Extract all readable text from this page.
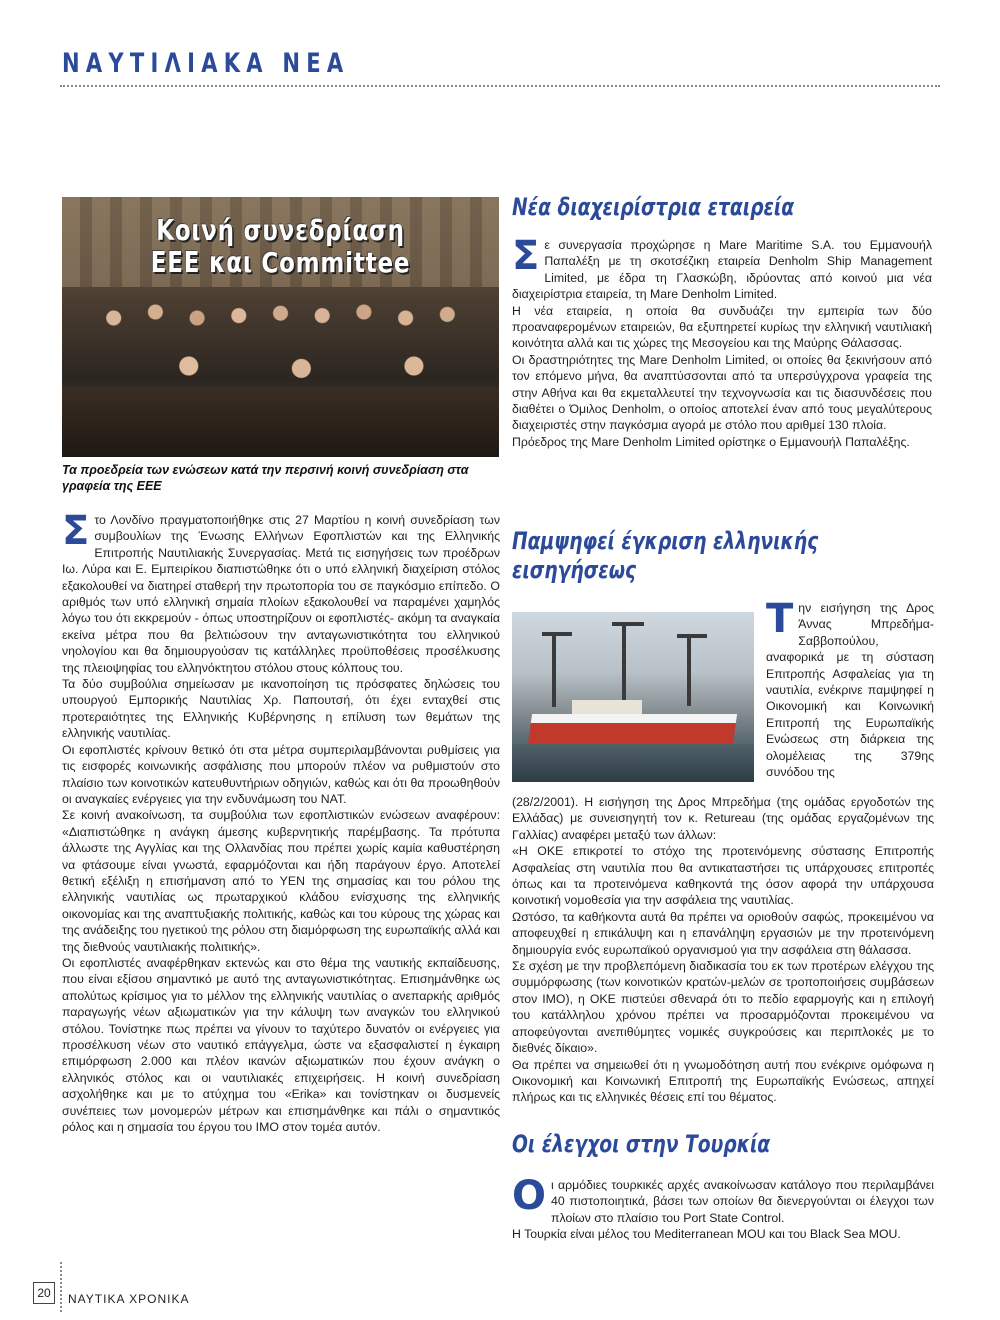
ΝΑΥΤΙΛΙΑΚΑ ΝΕΑ
Κοινή συνεδρίαση
ΕΕΕ και Committee
Τα προεδρεία των ενώσεων κατά την περσινή κοινή συνεδρίαση στα γραφεία της ΕΕΕ

Στο Λονδίνο πραγματοποιήθηκε στις 27 Μαρτίου η κοινή συνεδρίαση των συμβουλίων της Ένωσης Ελλήνων Εφοπλιστών και της Ελληνικής Επιτροπής Ναυτιλιακής Συνεργασίας. Μετά τις εισηγήσεις των προέδρων Ιω. Λύρα και Ε. Εμπειρίκου διαπιστώθηκε ότι ο υπό ελληνική διαχείριση στόλος εξακολουθεί να διατηρεί σταθερή την πρωτοπορία του σε παγκόσμιο επίπεδο. Ο αριθμός των υπό ελληνική σημαία πλοίων εξακολουθεί να παραμένει χαμηλός λόγω του ότι εκκρεμούν - όπως υποστηρίζουν οι εφοπλιστές- ακόμη τα αναγκαία εκείνα μέτρα που θα βελτιώσουν την ανταγωνιστικότητα του ελληνικού νηολογίου και θα δημιουργούσαν τις κατάλληλες προϋποθέσεις προσέλκυσης της πλειοψηφίας του ελληνόκτητου στόλου στους κόλπους του.

Τα δύο συμβούλια σημείωσαν με ικανοποίηση τις πρόσφατες δηλώσεις του υπουργού Εμπορικής Ναυτιλίας Χρ. Παπουτσή, ότι έχει ενταχθεί στις προτεραιότητες της Ελληνικής Κυβέρνησης η επίλυση των θεμάτων της ελληνικής ναυτιλίας.

Οι εφοπλιστές κρίνουν θετικό ότι στα μέτρα συμπεριλαμβάνονται ρυθμίσεις για τις εισφορές κοινωνικής ασφάλισης που μπορούν πλέον να ρυθμιστούν στο πλαίσιο των κοινοτικών κατευθυντήριων οδηγιών, καθώς και ότι θα προωθηθούν οι αναγκαίες ενέργειες για την ενδυνάμωση του ΝΑΤ.

Σε κοινή ανακοίνωση, τα συμβούλια των εφοπλιστικών ενώσεων αναφέρουν: «Διαπιστώθηκε η ανάγκη άμεσης κυβερνητικής παρέμβασης. Τα πρότυπα άλλωστε της Αγγλίας και της Ολλανδίας που πρέπει χωρίς καμία καθυστέρηση να φτάσουμε είναι γνωστά, εφαρμόζονται και ήδη παράγουν έργο. Αποτελεί θετική εξέλιξη η επισήμανση από το ΥΕΝ της σημασίας και του ρόλου της ελληνικής ναυτιλίας ως πρωταρχικού κλάδου ενίσχυσης της ελληνικής οικονομίας και της αναπτυξιακής πολιτικής, καθώς και του κύρους της χώρας και της ανάδειξης του ηγετικού της ρόλου στη διαμόρφωση της ευρωπαϊκής αλλά και της διεθνούς ναυτιλιακής πολιτικής».

Οι εφοπλιστές αναφέρθηκαν εκτενώς και στο θέμα της ναυτικής εκπαίδευσης, που είναι εξίσου σημαντικό με αυτό της ανταγωνιστικότητας. Επισημάνθηκε ως απολύτως κρίσιμος για το μέλλον της ελληνικής ναυτιλίας ο ανεπαρκής αριθμός παραγωγής νέων αξιωματικών για την κάλυψη των αναγκών του ελληνικού στόλου. Τονίστηκε πως πρέπει να γίνουν το ταχύτερο δυνατόν οι ενέργειες για προσέλκυση νέων στο ναυτικό επάγγελμα, ώστε να εξασφαλιστεί η έγκαιρη επιμόρφωση 2.000 και πλέον ικανών αξιωματικών που έχουν ανάγκη ο ελληνικός στόλος και οι ναυτιλιακές επιχειρήσεις. Η κοινή συνεδρίαση ασχολήθηκε και με το ατύχημα του «Erika» και τονίστηκαν οι δυσμενείς συνέπειες των μονομερών μέτρων και επισημάνθηκε και πάλι ο σημαντικός ρόλος και η σημασία του έργου του ΙΜΟ στον τομέα αυτόν.

Νέα διαχειρίστρια εταιρεία

Σε συνεργασία προχώρησε η Mare Maritime S.A. του Εμμανουήλ Παπαλέξη με τη σκοτσέζικη εταιρεία Denholm Ship Management Limited, με έδρα τη Γλασκώβη, ιδρύοντας από κοινού μια νέα διαχειρίστρια εταιρεία, τη Mare Denholm Limited.

Η νέα εταιρεία, η οποία θα συνδυάζει την εμπειρία των δύο προαναφερομένων εταιρειών, θα εξυπηρετεί κυρίως την ελληνική ναυτιλιακή κοινότητα αλλά και τις χώρες της Μεσογείου και της Μαύρης Θάλασσας.

Οι δραστηριότητες της Mare Denholm Limited, οι οποίες θα ξεκινήσουν από τον επόμενο μήνα, θα αναπτύσσονται από τα υπερσύγχρονα γραφεία της στην Αθήνα και θα εκμεταλλευτεί την τεχνογνωσία και τις διασυνδέσεις που διαθέτει ο Όμιλος Denholm, ο οποίος αποτελεί έναν από τους μεγαλύτερους διαχειριστές στην παγκόσμια αγορά με στόλο που αριθμεί 130 πλοία.

Πρόεδρος της Mare Denholm Limited ορίστηκε ο Εμμανουήλ Παπαλέξης.

Παμψηφεί έγκριση ελληνικής
εισηγήσεως

Την εισήγηση της Δρος Άννας Μπρεδήμα-Σαββοπούλου, αναφορικά με τη σύσταση Επιτροπής Ασφαλείας για τη ναυτιλία, ενέκρινε παμψηφεί η Οικονομική και Κοινωνική Επιτροπή της Ευρωπαϊκής Ενώσεως στη διάρκεια της ολομέλειας της 379ης συνόδου της

(28/2/2001). Η εισήγηση της Δρος Μπρεδήμα (της ομάδας εργοδοτών της Ελλάδας) με συνεισηγητή τον κ. Retureau (της ομάδας εργαζομένων της Γαλλίας) αναφέρει μεταξύ των άλλων:

«Η ΟΚΕ επικροτεί το στόχο της προτεινόμενης σύστασης Επιτροπής Ασφαλείας στη ναυτιλία που θα αντικαταστήσει τις υπάρχουσες επιτροπές όπως και τα προτεινόμενα καθηκοντά της όσον αφορά την υπάρχουσα κοινοτική νομοθεσία για την ασφάλεια της ναυτιλίας.

Ωστόσο, τα καθήκοντα αυτά θα πρέπει να οριοθούν σαφώς, προκειμένου να αποφευχθεί η επικάλυψη και η επανάληψη εργασιών με την προτεινόμενη δημιουργία ενός ευρωπαϊκού οργανισμού για την ασφάλεια στη θάλασσα.

Σε σχέση με την προβλεπόμενη διαδικασία του εκ των προτέρων ελέγχου της συμμόρφωσης (των κοινοτικών κρατών-μελών σε τροποποιήσεις συμβάσεων στον ΙΜΟ), η ΟΚΕ πιστεύει σθεναρά ότι το πεδίο εφαρμογής και η επιλογή του κατάλληλου χρόνου πρέπει να προσαρμόζονται προκειμένου να αποφεύγονται ανεπιθύμητες νομικές συγκρούσεις και περιπλοκές με το διεθνές δίκαιο».

Θα πρέπει να σημειωθεί ότι η γνωμοδότηση αυτή που ενέκρινε ομόφωνα η Οικονομική και Κοινωνική Επιτροπή της Ευρωπαϊκής Ενώσεως, απηχεί πλήρως και τις ελληνικές θέσεις επί του θέματος.

Οι έλεγχοι στην Τουρκία

Οι αρμόδιες τουρκικές αρχές ανακοίνωσαν κατάλογο που περιλαμβάνει 40 πιστοποιητικά, βάσει των οποίων θα διενεργούνται οι έλεγχοι των πλοίων στο πλαίσιο του Port State Control.

Η Τουρκία είναι μέλος του Mediterranean MOU και του Black Sea MOU.

20	ΝΑΥΤΙΚΑ ΧΡΟΝΙΚΑ
